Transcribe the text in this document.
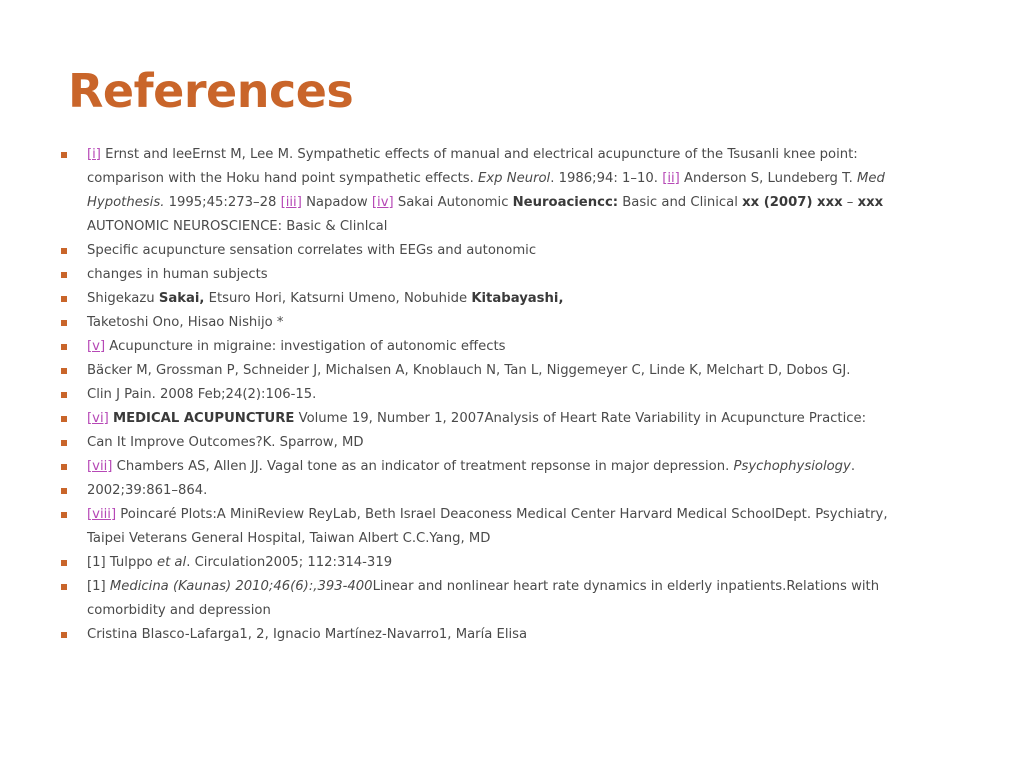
References
[i] Ernst and leeErnst M, Lee M. Sympathetic effects of manual and electrical acupuncture of the Tsusanli knee point: comparison with the Hoku hand point sympathetic effects. Exp Neurol. 1986;94: 1–10. [ii] Anderson S, Lundeberg T. Med Hypothesis. 1995;45:273–28 [iii] Napadow [iv] Sakai Autonomic Neuroaciencc: Basic and Clinical xx (2007) xxx – xxx AUTONOMIC NEUROSCIENCE: Basic & Clinlcal
Specific acupuncture sensation correlates with EEGs and autonomic
changes in human subjects
Shigekazu Sakai, Etsuro Hori, Katsurni Umeno, Nobuhide Kitabayashi,
Taketoshi Ono, Hisao Nishijo *
[v] Acupuncture in migraine: investigation of autonomic effects
Bäcker M, Grossman P, Schneider J, Michalsen A, Knoblauch N, Tan L, Niggemeyer C, Linde K, Melchart D, Dobos GJ.
Clin J Pain. 2008 Feb;24(2):106-15.
[vi] MEDICAL ACUPUNCTURE Volume 19, Number 1, 2007Analysis of Heart Rate Variability in Acupuncture Practice:
Can It Improve Outcomes?K. Sparrow, MD
[vii] Chambers AS, Allen JJ. Vagal tone as an indicator of treatment repsonse in major depression. Psychophysiology.
2002;39:861–864.
[viii] Poincaré Plots:A MiniReview ReyLab, Beth Israel Deaconess Medical Center Harvard Medical SchoolDept. Psychiatry, Taipei Veterans General Hospital, Taiwan Albert C.C.Yang, MD
[1] Tulppo et al. Circulation2005; 112:314-319
[1] Medicina (Kaunas) 2010;46(6):,393-400Linear and nonlinear heart rate dynamics in elderly inpatients.Relations with comorbidity and depression
Cristina Blasco-Lafarga1, 2, Ignacio Martínez-Navarro1, María Elisa
